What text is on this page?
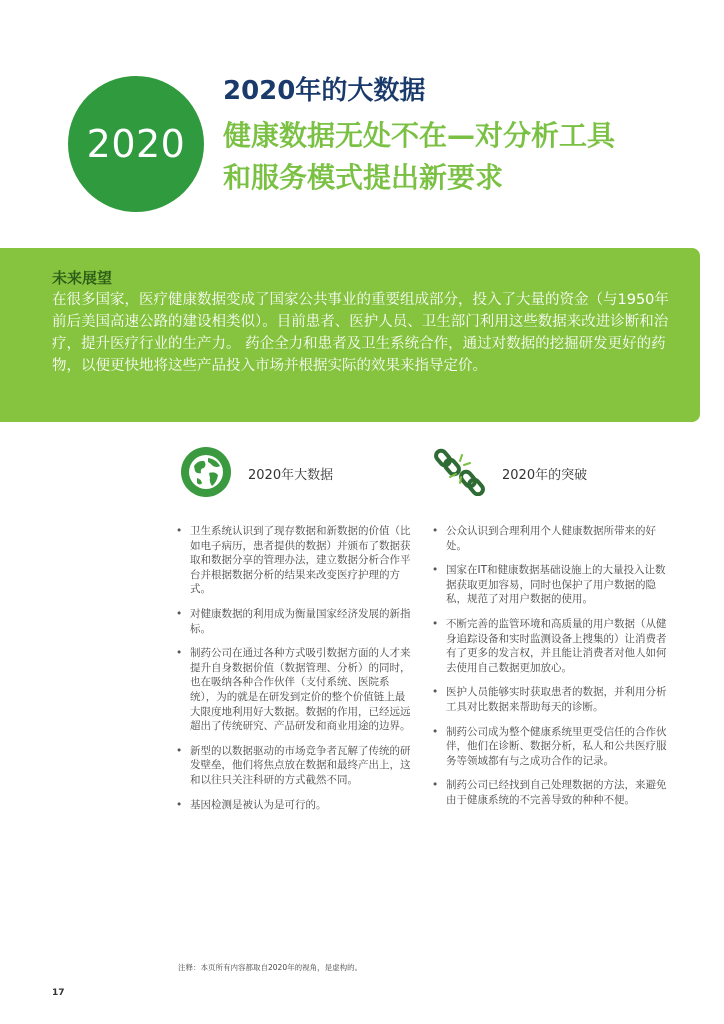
2020
2020年的大数据
健康数据无处不在—对分析工具
和服务模式提出新要求
未来展望
在很多国家，医疗健康数据变成了国家公共事业的重要组成部分，投入了大量的资金（与1950年前后美国高速公路的建设相类似）。目前患者、医护人员、卫生部门利用这些数据来改进诊断和治疗，提升医疗行业的生产力。 药企全力和患者及卫生系统合作，通过对数据的挖掘研发更好的药物，以便更快地将这些产品投入市场并根据实际的效果来指导定价。
2020年大数据
• 卫生系统认识到了现存数据和新数据的价值（比如电子病历，患者提供的数据）并颁布了数据获取和数据分享的管理办法，建立数据分析合作平台并根据数据分析的结果来改变医疗护理的方式。
• 对健康数据的利用成为衡量国家经济发展的新指标。
• 制药公司在通过各种方式吸引数据方面的人才来提升自身数据价值（数据管理、分析）的同时，也在吸纳各种合作伙伴（支付系统、医院系统），为的就是在研发到定价的整个价值链上最大限度地利用好大数据。数据的作用，已经远远超出了传统研究、产品研发和商业用途的边界。
• 新型的以数据驱动的市场竞争者瓦解了传统的研发壁垒，他们将焦点放在数据和最终产出上，这和以往只关注科研的方式截然不同。
• 基因检测是被认为是可行的。
2020年的突破
• 公众认识到合理利用个人健康数据所带来的好处。
• 国家在IT和健康数据基础设施上的大量投入让数据获取更加容易，同时也保护了用户数据的隐私，规范了对用户数据的使用。
• 不断完善的监管环境和高质量的用户数据（从健身追踪设备和实时监测设备上搜集的）让消费者有了更多的发言权，并且能让消费者对他人如何去使用自己数据更加放心。
• 医护人员能够实时获取患者的数据，并利用分析工具对比数据来帮助每天的诊断。
• 制药公司成为整个健康系统里更受信任的合作伙伴，他们在诊断、数据分析，私人和公共医疗服务等领域都有与之成功合作的记录。
• 制药公司已经找到自己处理数据的方法，来避免由于健康系统的不完善导致的种种不便。
注释：本页所有内容都取自2020年的视角，是虚构的。
17
